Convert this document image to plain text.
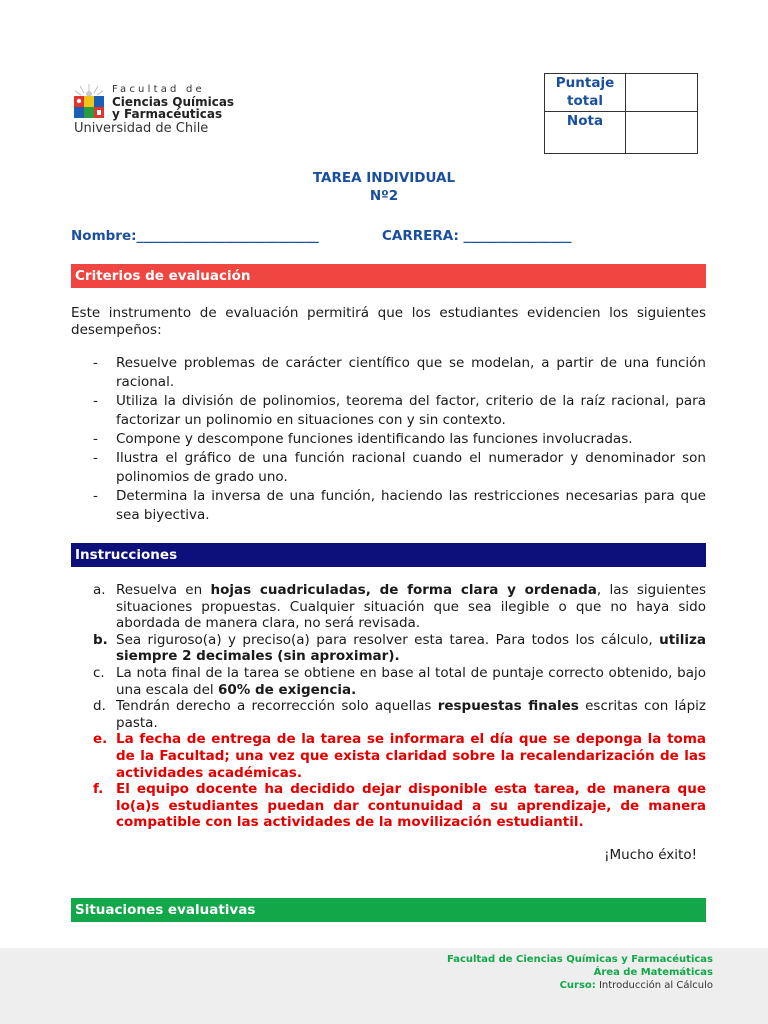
Facultad de
Ciencias Químicas
y Farmacéuticas
Universidad de Chile
Puntaje total	
Nota	
TAREA INDIVIDUAL
Nº2
Nombre:___________________________	CARRERA: ________________
Criterios de evaluación
Este instrumento de evaluación permitirá que los estudiantes evidencien los siguientes desempeños:
- Resuelve problemas de carácter científico que se modelan, a partir de una función racional.
- Utiliza la división de polinomios, teorema del factor, criterio de la raíz racional, para factorizar un polinomio en situaciones con y sin contexto.
- Compone y descompone funciones identificando las funciones involucradas.
- Ilustra el gráfico de una función racional cuando el numerador y denominador son polinomios de grado uno.
- Determina la inversa de una función, haciendo las restricciones necesarias para que sea biyectiva.
Instrucciones
a. Resuelva en hojas cuadriculadas, de forma clara y ordenada, las siguientes situaciones propuestas. Cualquier situación que sea ilegible o que no haya sido abordada de manera clara, no será revisada.
b. Sea riguroso(a) y preciso(a) para resolver esta tarea. Para todos los cálculo, utiliza siempre 2 decimales (sin aproximar).
c. La nota final de la tarea se obtiene en base al total de puntaje correcto obtenido, bajo una escala del 60% de exigencia.
d. Tendrán derecho a recorrección solo aquellas respuestas finales escritas con lápiz pasta.
e. La fecha de entrega de la tarea se informara el día que se deponga la toma de la Facultad; una vez que exista claridad sobre la recalendarización de las actividades académicas.
f. El equipo docente ha decidido dejar disponible esta tarea, de manera que lo(a)s estudiantes puedan dar contunuidad a su aprendizaje, de manera compatible con las actividades de la movilización estudiantil.
¡Mucho éxito!
Situaciones evaluativas
Facultad de Ciencias Químicas y Farmacéuticas
Área de Matemáticas
Curso: Introducción al Cálculo
